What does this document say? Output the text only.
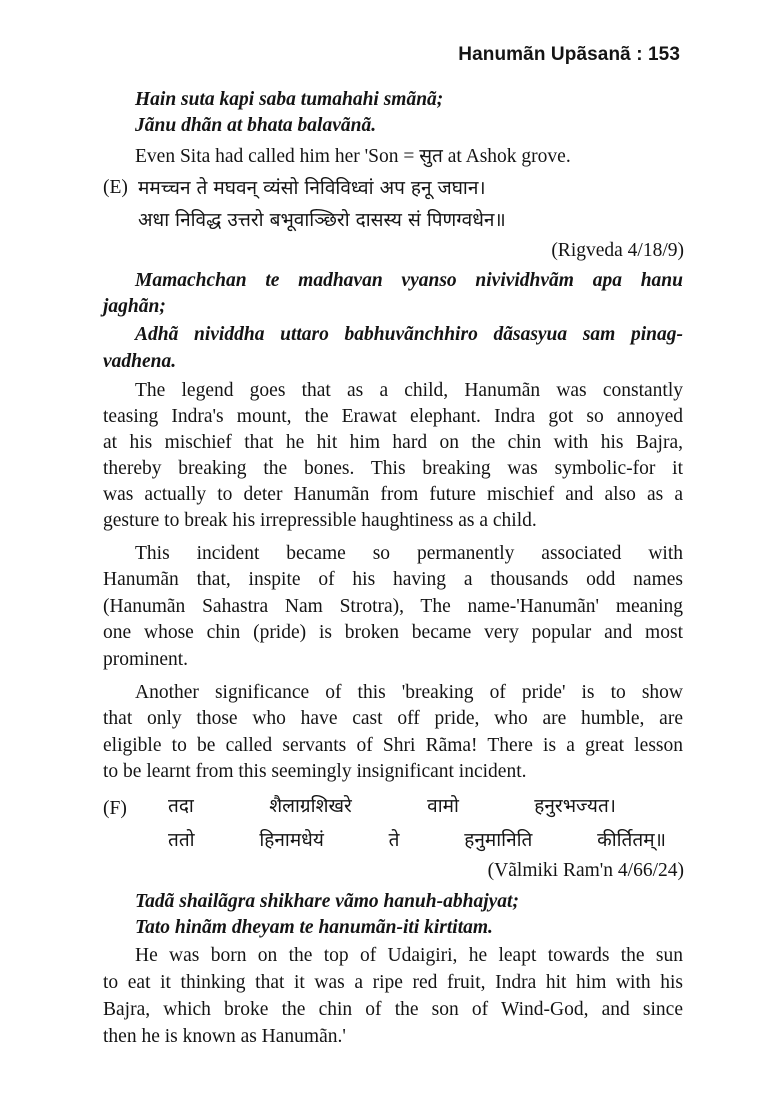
Hanumãn Upãsanã : 153
Hain suta kapi saba tumahahi smãnã;
Jãnu dhãn at bhata balavãnã.
Even Sita had called him her 'Son = सुत at Ashok grove.
(E) ममच्चन ते मघवन् व्यंसो निविविध्वां अप हनू जघान।
अधा निविद्ध उत्तरो बभूवाञ्छिरो दासस्य सं पिणग्वधेन॥
(Rigveda 4/18/9)
Mamachchan te madhavan vyanso nivividhvãm apa hanu
jaghãn;
Adhã nividdha uttaro babhuvãnchhiro dãsasyua sam pinag-
vadhena.
The legend goes that as a child, Hanumãn was constantly
teasing Indra's mount, the Erawat elephant. Indra got so annoyed
at his mischief that he hit him hard on the chin with his Bajra,
thereby breaking the bones. This breaking was symbolic-for it
was actually to deter Hanumãn from future mischief and also as a
gesture to break his irrepressible haughtiness as a child.
This incident became so permanently associated with
Hanumãn that, inspite of his having a thousands odd names
(Hanumãn Sahastra Nam Strotra), The name-'Hanumãn' meaning
one whose chin (pride) is broken became very popular and most
prominent.
Another significance of this 'breaking of pride' is to show
that only those who have cast off pride, who are humble, are
eligible to be called servants of Shri Rãma! There is a great lesson
to be learnt from this seemingly insignificant incident.
(F) तदा	शैलाग्रशिखरे	वामो	हनुरभज्यत।
ततो	हिनामधेयं	ते	हनुमानिति	कीर्तितम्॥
(Vãlmiki Ram'n 4/66/24)
Tadã shailãgra shikhare vãmo hanuh-abhajyat;
Tato hinãm dheyam te hanumãn-iti kirtitam.
He was born on the top of Udaigiri, he leapt towards the sun
to eat it thinking that it was a ripe red fruit, Indra hit him with his
Bajra, which broke the chin of the son of Wind-God, and since
then he is known as Hanumãn.'
